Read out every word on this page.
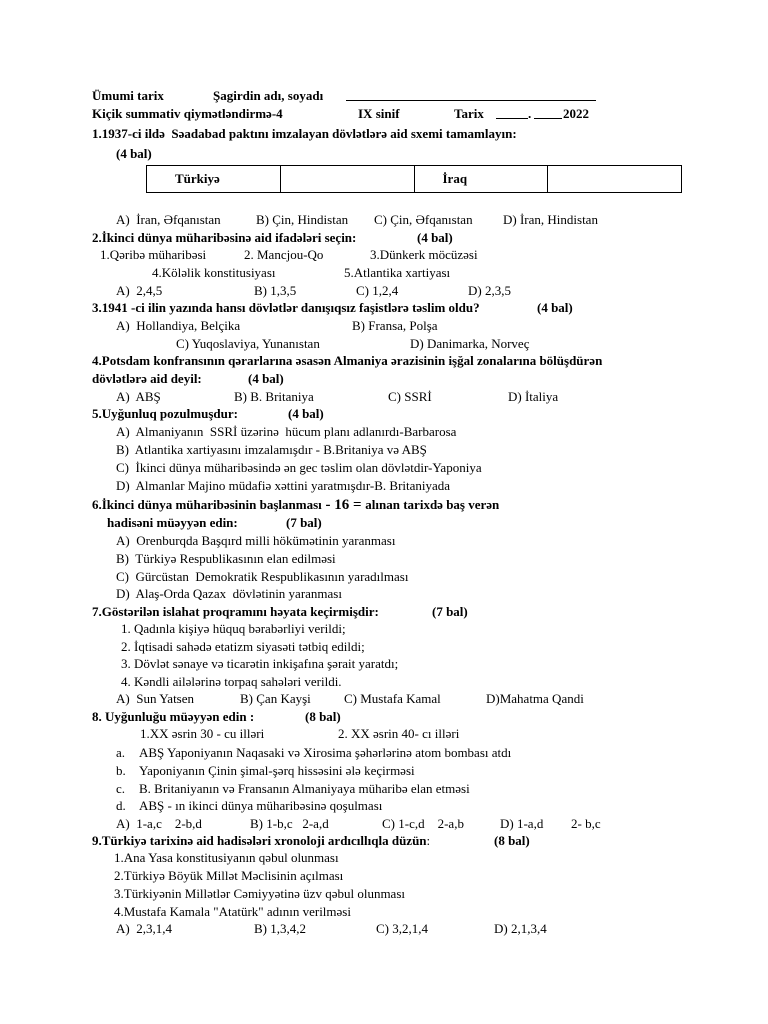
Ümumi tarix	Şagirdin adı, soyadı
Kiçik summativ qiymətləndirmə-4	IX sinif	Tarix	. 2022
1.1937-ci ildə  Səadabad paktını imzalayan dövlətlərə aid sxemi tamamlayın:
(4 bal)
Türkiyə		İraq	
A)  İran, Əfqanıstan	B) Çin, Hindistan C) Çin, Əfqanıstan D) İran, Hindistan
2.İkinci dünya müharibəsinə aid ifadələri seçin:	(4 bal)
1.Qəribə müharibəsi	2. Mancjou-Qo	3.Dünkerk möcüzəsi
4.Köləlik konstitusiyası	5.Atlantika xartiyası
A)  2,4,5	B) 1,3,5	C) 1,2,4	D) 2,3,5
3.1941 -ci ilin yazında hansı dövlətlər danışıqsız faşistlərə təslim oldu?	(4 bal)
A)  Hollandiya, Belçika	B) Fransa, Polşa
C) Yuqoslaviya, Yunanıstan	D) Danimarka, Norveç
4.Potsdam konfransının qərarlarına əsasən Almaniya ərazisinin işğal zonalarına bölüşdürən
dövlətlərə aid deyil:	(4 bal)
A)  ABŞ	B) B. Britaniya	C) SSRİ	D) İtaliya
5.Uyğunluq pozulmuşdur:	(4 bal)
A)  Almaniyanın  SSRİ üzərinə  hücum planı adlanırdı-Barbarosa
B)  Atlantika xartiyasını imzalamışdır - B.Britaniya və ABŞ
C)  İkinci dünya müharibəsində ən gec təslim olan dövlətdir-Yaponiya
D)  Almanlar Majino müdafiə xəttini yaratmışdır-B. Britaniyada
6.İkinci dünya müharibəsinin başlanması - 16 = alınan tarixdə baş verən
hadisəni müəyyən edin:	(7 bal)
A)  Orenburqda Başqırd milli hökümətinin yaranması
B)  Türkiyə Respublikasının elan edilməsi
C)  Gürcüstan  Demokratik Respublikasının yaradılması
D)  Alaş-Orda Qazax  dövlətinin yaranması
7.Göstərilən islahat proqramını həyata keçirmişdir:	(7 bal)
1. Qadınla kişiyə hüquq bərabərliyi verildi;
2. İqtisadi sahədə etatizm siyasəti tətbiq edildi;
3. Dövlət sənaye və ticarətin inkişafına şərait yaratdı;
4. Kəndli ailələrinə torpaq sahələri verildi.
A)  Sun Yatsen	B) Çan Kayşi	C) Mustafa Kamal	D)Mahatma Qandi
8. Uyğunluğu müəyyən edin :	(8 bal)
1.XX əsrin 30 - cu illəri	2. XX əsrin 40- cı illəri
a. ABŞ Yaponiyanın Naqasaki və Xirosima şəhərlərinə atom bombası atdı
b. Yaponiyanın Çinin şimal-şərq hissəsini ələ keçirməsi
c. B. Britaniyanın və Fransanın Almaniyaya müharibə elan etməsi
d. ABŞ - ın ikinci dünya müharibəsinə qoşulması
A)  1-a,c    2-b,d	B) 1-b,c   2-a,d	C) 1-c,d    2-a,b	D) 1-a,d 2- b,c
9.Türkiyə tarixinə aid hadisələri xronoloji ardıcıllıqla düzün:	(8 bal)
1.Ana Yasa konstitusiyanın qəbul olunması
2.Türkiyə Böyük Millət Məclisinin açılması
3.Türkiyənin Millətlər Cəmiyyətinə üzv qəbul olunması
4.Mustafa Kamala "Atatürk" adının verilməsi
A)  2,3,1,4	B) 1,3,4,2	C) 3,2,1,4	D) 2,1,3,4
